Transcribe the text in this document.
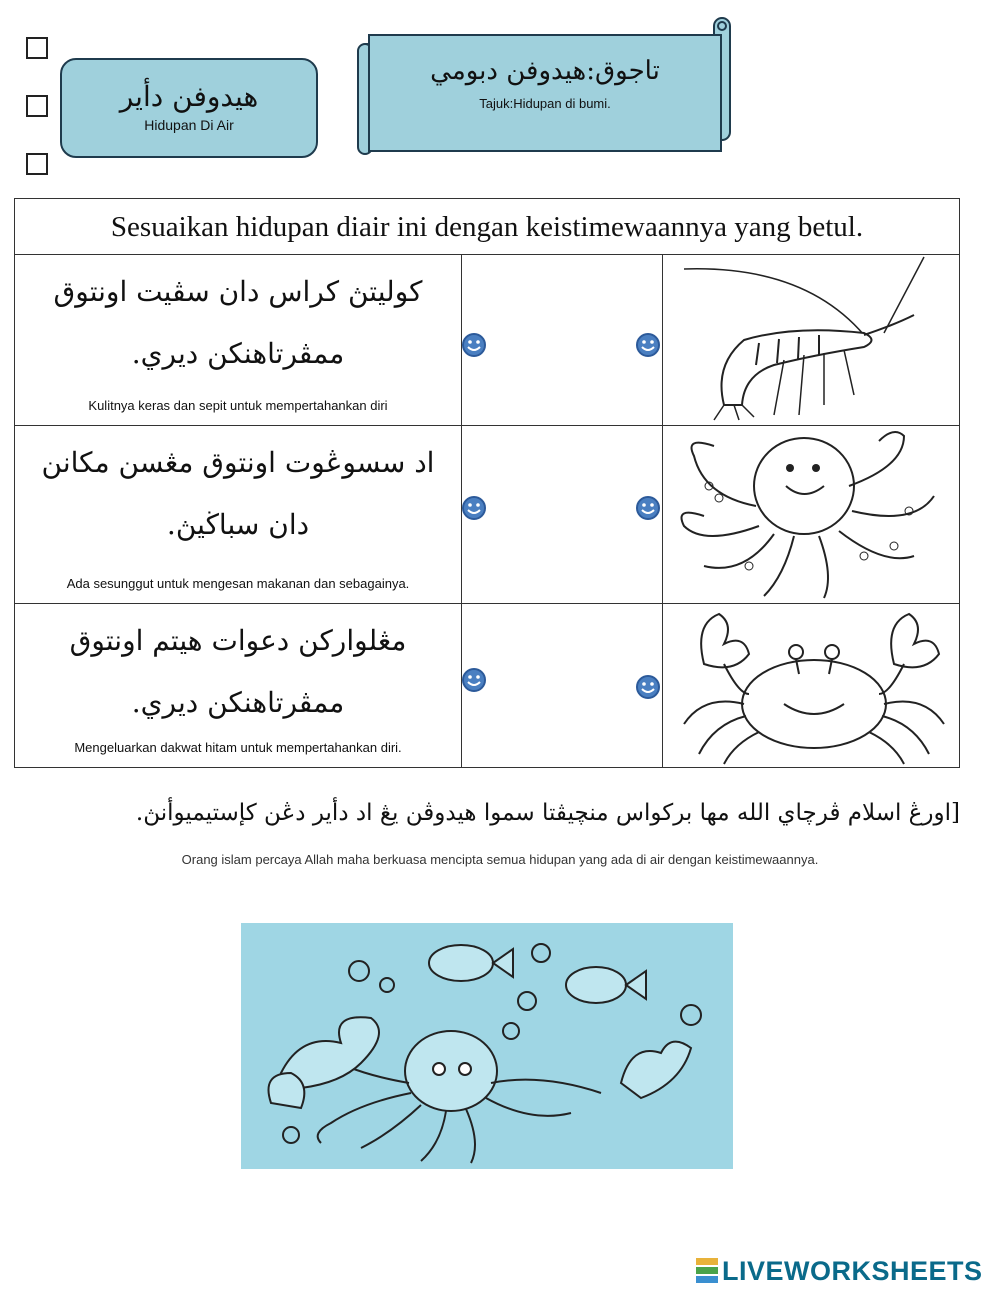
هيدوفن دأير
Hidupan Di Air
تاجوق:هيدوفن دبومي
Tajuk:Hidupan di bumi.
Sesuaikan hidupan diair ini dengan keistimewaannya yang betul.
كوليتڽ كراس دان سڤيت اونتوق ممڤرتاهنكن ديري.
Kulitnya keras dan sepit untuk mempertahankan diri
اد سسوڠوت اونتوق مڠسن مكانن دان سباڬيڽ.
Ada sesunggut untuk mengesan makanan dan sebagainya.
مڠلواركن دعوات هيتم اونتوق ممڤرتاهنكن ديري.
Mengeluarkan dakwat hitam untuk mempertahankan diri.
[اورڠ اسلام ڤرچاي الله مها بركواس منچيڤتا سموا هيدوڤن يڠ اد دأير دڠن كإستيميوأنڽ.
Orang islam percaya Allah maha berkuasa mencipta semua hidupan yang ada di air dengan keistimewaannya.
LIVEWORKSHEETS
